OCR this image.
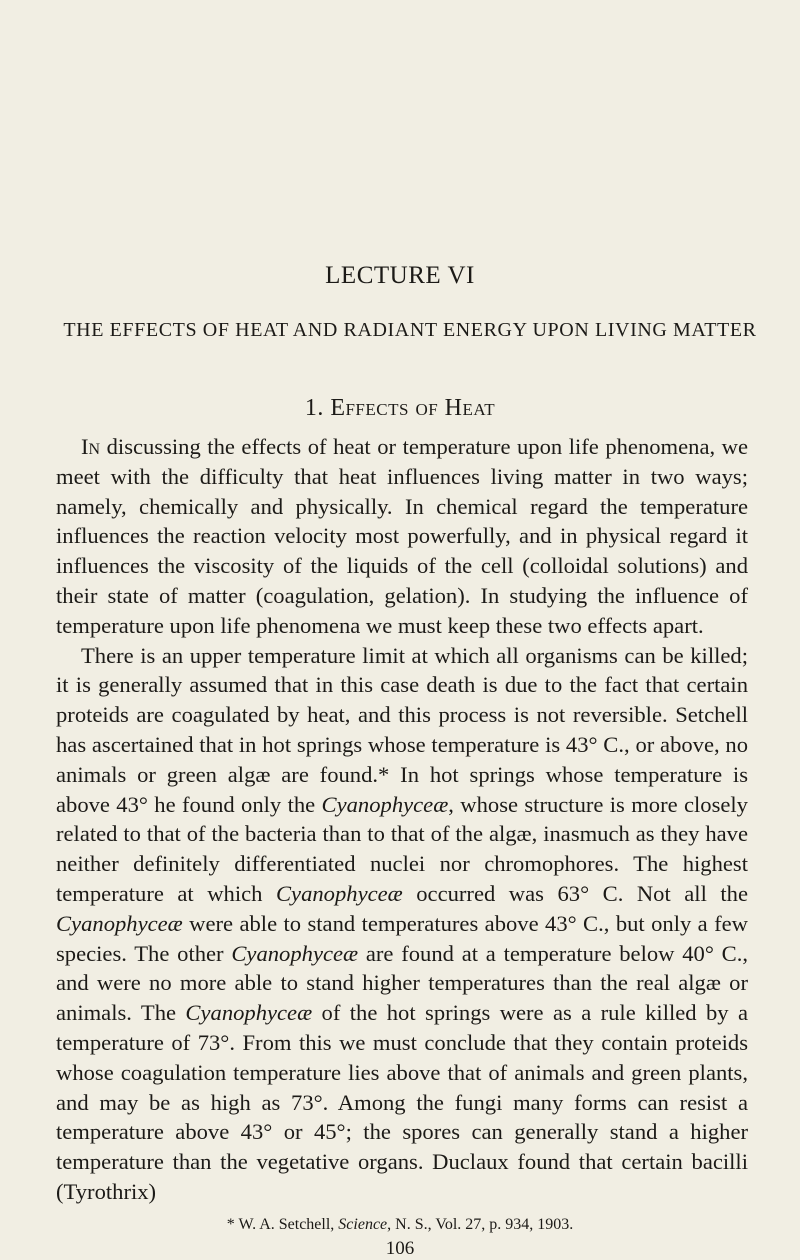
LECTURE VI
THE EFFECTS OF HEAT AND RADIANT ENERGY UPON LIVING MATTER
1. Effects of Heat

In discussing the effects of heat or temperature upon life phenomena, we meet with the difficulty that heat influences living matter in two ways; namely, chemically and physically. In chemical regard the temperature influences the reaction velocity most powerfully, and in physical regard it influences the viscosity of the liquids of the cell (colloidal solutions) and their state of matter (coagulation, gelation). In studying the influence of temperature upon life phenomena we must keep these two effects apart.

There is an upper temperature limit at which all organisms can be killed; it is generally assumed that in this case death is due to the fact that certain proteids are coagulated by heat, and this process is not reversible. Setchell has ascertained that in hot springs whose temperature is 43° C., or above, no animals or green algæ are found.* In hot springs whose temperature is above 43° he found only the Cyanophyceæ, whose structure is more closely related to that of the bacteria than to that of the algæ, inasmuch as they have neither definitely differentiated nuclei nor chromophores. The highest temperature at which Cyanophyceæ occurred was 63° C. Not all the Cyanophyceæ were able to stand temperatures above 43° C., but only a few species. The other Cyanophyceæ are found at a temperature below 40° C., and were no more able to stand higher temperatures than the real algæ or animals. The Cyanophyceæ of the hot springs were as a rule killed by a temperature of 73°. From this we must conclude that they contain proteids whose coagulation temperature lies above that of animals and green plants, and may be as high as 73°. Among the fungi many forms can resist a temperature above 43° or 45°; the spores can generally stand a higher temperature than the vegetative organs. Duclaux found that certain bacilli (Tyrothrix)

* W. A. Setchell, Science, N. S., Vol. 27, p. 934, 1903.
106
